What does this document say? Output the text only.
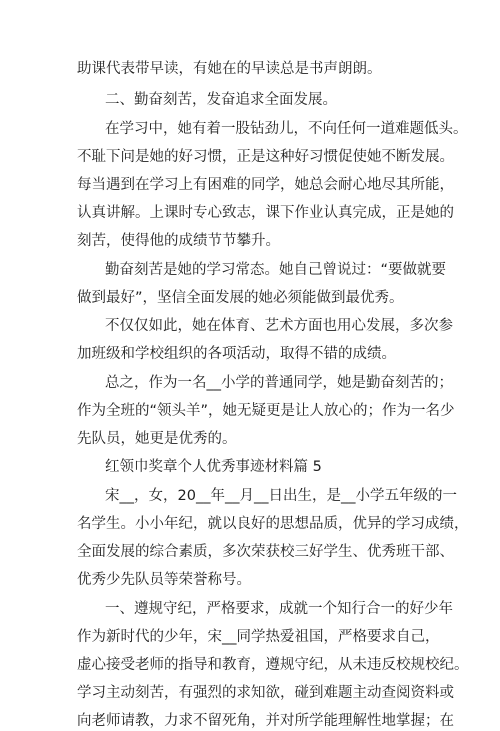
助课代表带早读，有她在的早读总是书声朗朗。
二、勤奋刻苦，发奋追求全面发展。
在学习中，她有着一股钻劲儿，不向任何一道难题低头。
不耻下问是她的好习惯，正是这种好习惯促使她不断发展。
每当遇到在学习上有困难的同学，她总会耐心地尽其所能，
认真讲解。上课时专心致志，课下作业认真完成，正是她的
刻苦，使得他的成绩节节攀升。
勤奋刻苦是她的学习常态。她自己曾说过：“要做就要
做到最好”，坚信全面发展的她必须能做到最优秀。
不仅仅如此，她在体育、艺术方面也用心发展，多次参
加班级和学校组织的各项活动，取得不错的成绩。
总之，作为一名__小学的普通同学，她是勤奋刻苦的；
作为全班的“领头羊”，她无疑更是让人放心的；作为一名少
先队员，她更是优秀的。
红领巾奖章个人优秀事迹材料篇 5
宋__，女，20__年__月__日出生，是__小学五年级的一
名学生。小小年纪，就以良好的思想品质，优异的学习成绩，
全面发展的综合素质，多次荣获校三好学生、优秀班干部、
优秀少先队员等荣誉称号。
一、遵规守纪，严格要求，成就一个知行合一的好少年
作为新时代的少年，宋__同学热爱祖国，严格要求自己，
虚心接受老师的指导和教育，遵规守纪，从未违反校规校纪。
学习主动刻苦，有强烈的求知欲，碰到难题主动查阅资料或
向老师请教，力求不留死角，并对所学能理解性地掌握；在
